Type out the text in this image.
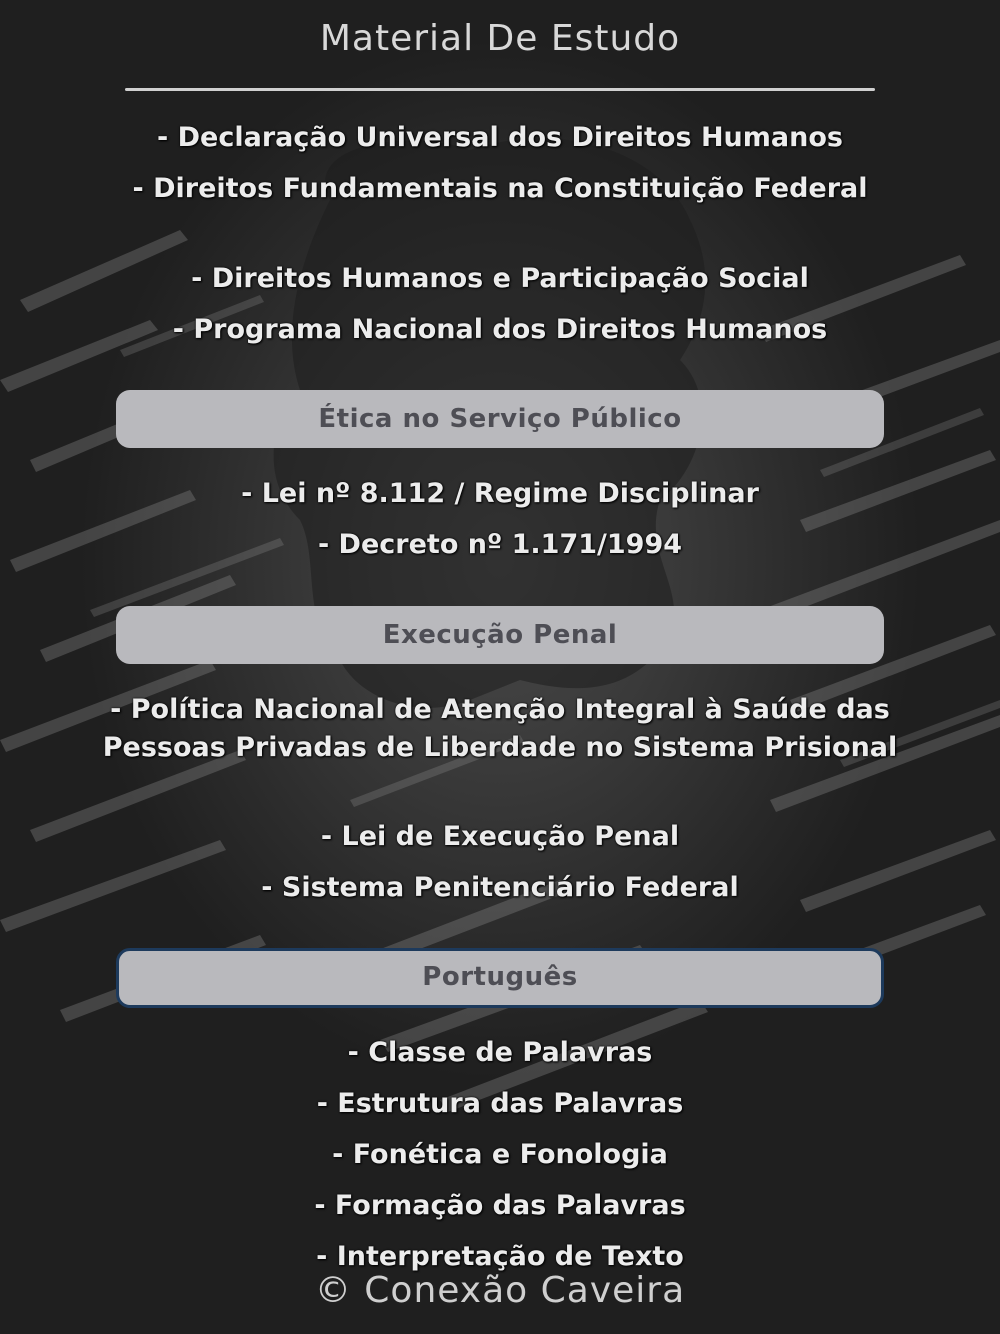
Material De Estudo
- Declaração Universal dos Direitos Humanos
- Direitos Fundamentais na Constituição Federal
- Direitos Humanos e Participação Social
- Programa Nacional dos Direitos Humanos
Ética no Serviço Público
- Lei nº 8.112 / Regime Disciplinar
- Decreto nº 1.171/1994
Execução Penal
- Política Nacional de Atenção Integral à Saúde das Pessoas Privadas de Liberdade no Sistema Prisional
- Lei de Execução Penal
- Sistema Penitenciário Federal
Português
- Classe de Palavras
- Estrutura das Palavras
- Fonética e Fonologia
- Formação das Palavras
- Interpretação de Texto
© Conexão Caveira
